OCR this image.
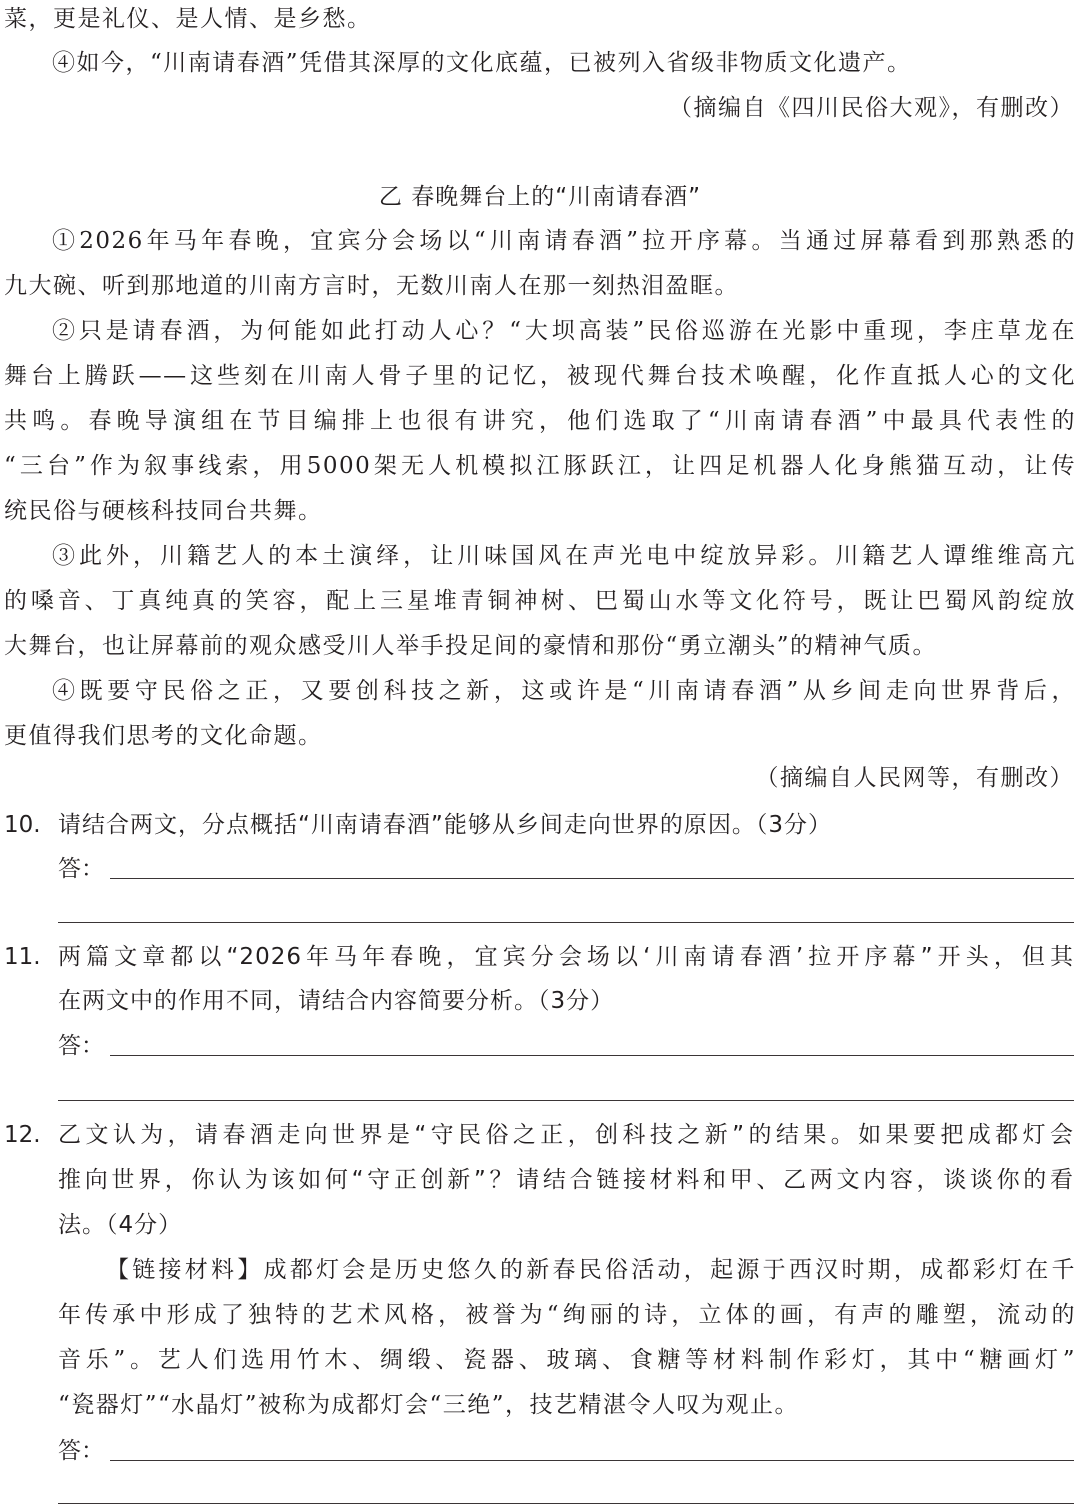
菜，更是礼仪、是人情、是乡愁。
④如今，“川南请春酒”凭借其深厚的文化底蕴，已被列入省级非物质文化遗产。
（摘编自《四川民俗大观》，有删改）
乙 春晚舞台上的“川南请春酒”
①2026年马年春晚，宜宾分会场以“川南请春酒”拉开序幕。当通过屏幕看到那熟悉的
九大碗、听到那地道的川南方言时，无数川南人在那一刻热泪盈眶。
②只是请春酒，为何能如此打动人心？“大坝高装”民俗巡游在光影中重现，李庄草龙在
舞台上腾跃——这些刻在川南人骨子里的记忆，被现代舞台技术唤醒，化作直抵人心的文化
共鸣。春晚导演组在节目编排上也很有讲究，他们选取了“川南请春酒”中最具代表性的
“三台”作为叙事线索，用5000架无人机模拟江豚跃江，让四足机器人化身熊猫互动，让传
统民俗与硬核科技同台共舞。
③此外，川籍艺人的本土演绎，让川味国风在声光电中绽放异彩。川籍艺人谭维维高亢
的嗓音、丁真纯真的笑容，配上三星堆青铜神树、巴蜀山水等文化符号，既让巴蜀风韵绽放
大舞台，也让屏幕前的观众感受川人举手投足间的豪情和那份“勇立潮头”的精神气质。
④既要守民俗之正，又要创科技之新，这或许是“川南请春酒”从乡间走向世界背后，
更值得我们思考的文化命题。
（摘编自人民网等，有删改）
10. 请结合两文，分点概括“川南请春酒”能够从乡间走向世界的原因。（3分）
答：
11. 两篇文章都以“2026年马年春晚，宜宾分会场以‘川南请春酒’拉开序幕”开头，但其
在两文中的作用不同，请结合内容简要分析。（3分）
答：
12. 乙文认为，请春酒走向世界是“守民俗之正，创科技之新”的结果。如果要把成都灯会
推向世界，你认为该如何“守正创新”？请结合链接材料和甲、乙两文内容，谈谈你的看
法。（4分）
【链接材料】成都灯会是历史悠久的新春民俗活动，起源于西汉时期，成都彩灯在千
年传承中形成了独特的艺术风格，被誉为“绚丽的诗，立体的画，有声的雕塑，流动的
音乐”。艺人们选用竹木、绸缎、瓷器、玻璃、食糖等材料制作彩灯，其中“糖画灯”
“瓷器灯”“水晶灯”被称为成都灯会“三绝”，技艺精湛令人叹为观止。
答：
